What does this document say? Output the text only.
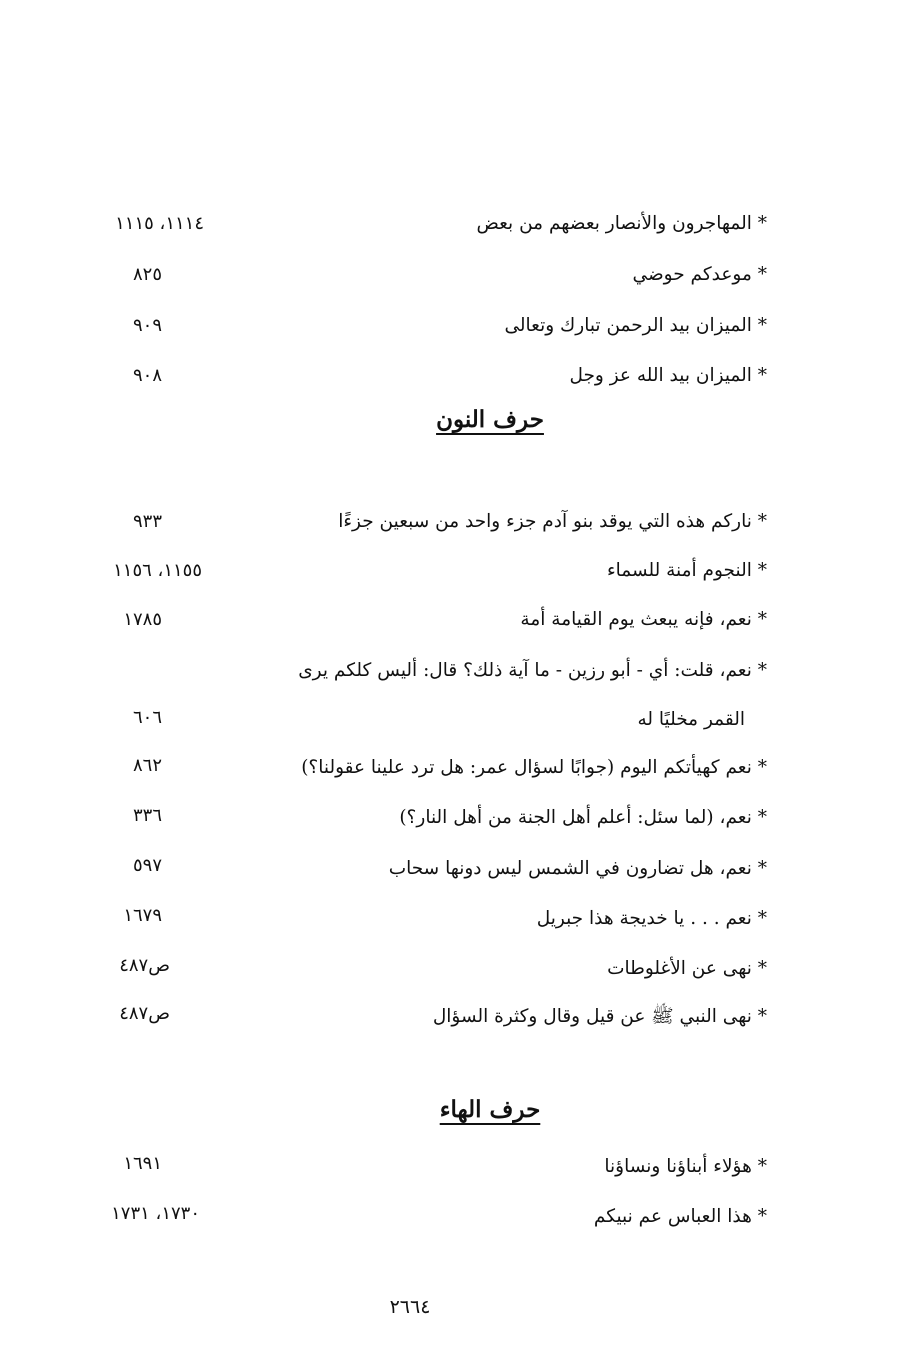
* المهاجرون والأنصار بعضهم من بعض
١١١٤، ١١١٥
* موعدكم حوضي
٨٢٥
* الميزان بيد الرحمن تبارك وتعالى
٩٠٩
* الميزان بيد الله عز وجل
٩٠٨
حرف النون
* ناركم هذه التي يوقد بنو آدم جزء واحد من سبعين جزءًا
٩٣٣
* النجوم أمنة للسماء
١١٥٥، ١١٥٦
* نعم، فإنه يبعث يوم القيامة أمة
١٧٨٥
* نعم، قلت: أي - أبو رزين - ما آية ذلك؟ قال: أليس كلكم يرى
القمر مخليًا له
٦٠٦
* نعم كهيأتكم اليوم (جوابًا لسؤال عمر: هل ترد علينا عقولنا؟)
٨٦٢
* نعم، (لما سئل: أعلم أهل الجنة من أهل النار؟)
٣٣٦
* نعم، هل تضارون في الشمس ليس دونها سحاب
٥٩٧
* نعم . . . يا خديجة هذا جبريل
١٦٧٩
* نهى عن الأغلوطات
ص٤٨٧
* نهى النبي ﷺ عن قيل وقال وكثرة السؤال
ص٤٨٧
حرف الهاء
* هؤلاء أبناؤنا ونساؤنا
١٦٩١
* هذا العباس عم نبيكم
١٧٣٠، ١٧٣١
٢٦٦٤
